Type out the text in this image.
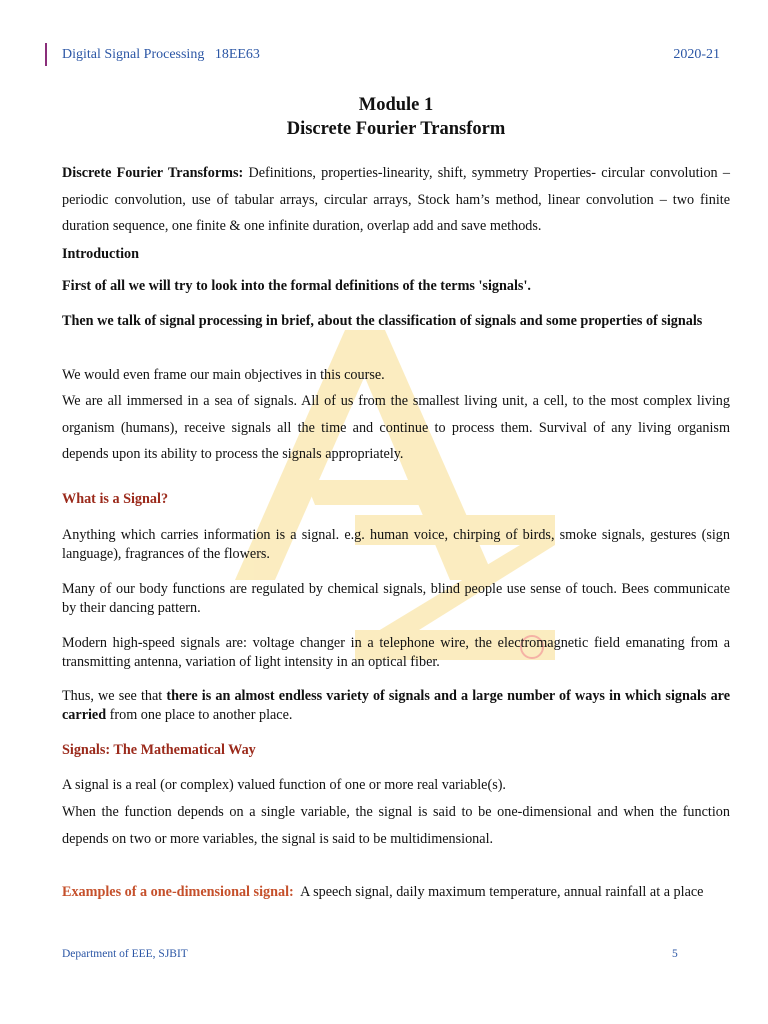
Digital Signal Processing   18EE63	2020-21
Module 1
Discrete Fourier Transform
Discrete Fourier Transforms: Definitions, properties-linearity, shift, symmetry Properties- circular convolution – periodic convolution, use of tabular arrays, circular arrays, Stock ham’s method, linear convolution – two finite duration sequence, one finite & one infinite duration, overlap add and save methods.
Introduction
First of all we will try to look into the formal definitions of the terms 'signals'.
Then we talk of signal processing in brief, about the classification of signals and some properties of signals
We would even frame our main objectives in this course.
We are all immersed in a sea of signals. All of us from the smallest living unit, a cell, to the most complex living organism (humans), receive signals all the time and continue to process them. Survival of any living organism depends upon its ability to process the signals appropriately.
What is a Signal?
Anything which carries information is a signal. e.g. human voice, chirping of birds, smoke signals, gestures (sign language), fragrances of the flowers.
Many of our body functions are regulated by chemical signals, blind people use sense of touch. Bees communicate by their dancing pattern.
Modern high-speed signals are: voltage changer in a telephone wire, the electromagnetic field emanating from a transmitting antenna, variation of light intensity in an optical fiber.
Thus, we see that there is an almost endless variety of signals and a large number of ways in which signals are carried from one place to another place.
Signals: The Mathematical Way
A signal is a real (or complex) valued function of one or more real variable(s).
When the function depends on a single variable, the signal is said to be one-dimensional and when the function depends on two or more variables, the signal is said to be multidimensional.
Examples of a one-dimensional signal:  A speech signal, daily maximum temperature, annual rainfall at a place
Department of EEE, SJBIT	5
